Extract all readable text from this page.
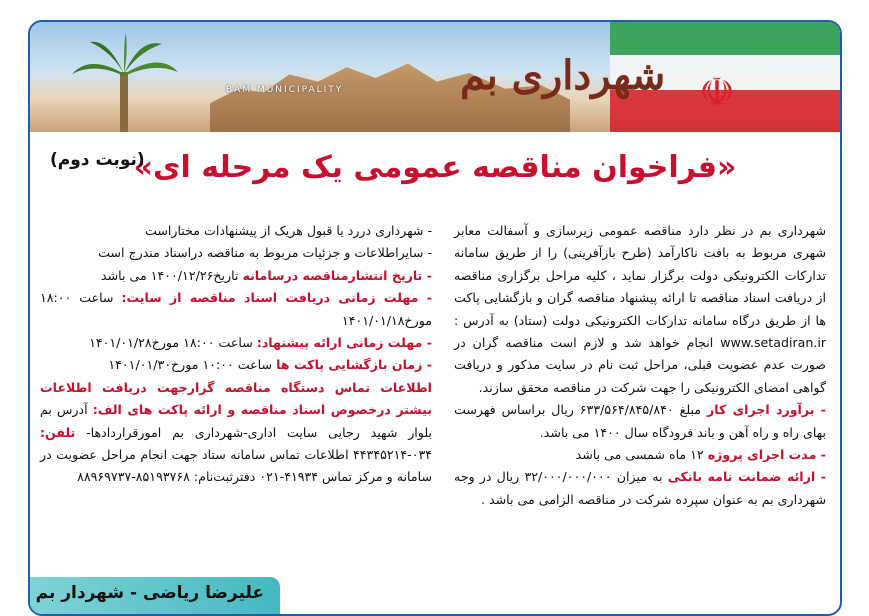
☫
شهرداری بم
BAM MUNICIPALITY
«فراخوان مناقصه عمومی یک مرحله ای»
(نوبت دوم)

شهرداری بم در نظر دارد مناقصه عمومی زیرسازی و آسفالت معابر شهری مربوط به بافت ناکارآمد (طرح بازآفرینی) را از طریق سامانه تدارکات الکترونیکی دولت برگزار نماید ، کلیه مراحل برگزاری مناقصه از دریافت اسناد مناقصه تا ارائه پیشنهاد مناقصه گران و بازگشایی پاکت ها از طریق درگاه سامانه تدارکات الکترونیکی دولت (ستاد) به آدرس : www.setadiran.ir انجام خواهد شد و لازم است مناقصه گران در صورت عدم عضویت قبلی، مراحل ثبت نام در سایت مذکور و دریافت گواهی امضای الکترونیکی را جهت شرکت در مناقصه محقق سازند.

- برآورد اجرای کار مبلغ ۶۳۳/۵۶۴/۸۴۵/۸۴۰ ریال براساس فهرست بهای راه و راه آهن و باند فرودگاه سال ۱۴۰۰ می باشد.

- مدت اجرای پروژه ۱۲ ماه شمسی می باشد

- ارائه ضمانت نامه بانکی به میزان ۳۲/۰۰۰/۰۰۰/۰۰۰ ریال در وجه شهرداری بم به عنوان سپرده شرکت در مناقصه الزامی می باشد .

- شهرداری دررد یا قبول هریک از پیشنهادات مختاراست

- سایراطلاعات و جزئیات مربوط به مناقصه دراسناد مندرج است

- تاریخ انتشارمناقصه درسامانه تاریخ۱۴۰۰/۱۲/۲۶ می باشد

- مهلت زمانی دریافت اسناد مناقصه از سایت: ساعت ۱۸:۰۰ مورخ۱۴۰۱/۰۱/۱۸

- مهلت زمانی ارائه پیشنهاد: ساعت ۱۸:۰۰ مورخ۱۴۰۱/۰۱/۲۸

- زمان بازگشایی پاکت ها ساعت ۱۰:۰۰ مورخ۱۴۰۱/۰۱/۳۰

اطلاعات تماس دستگاه مناقصه گزارجهت دریافت اطلاعات بیشتر درخصوص اسناد مناقصه و ارائه پاکت های الف: آدرس بم بلوار شهید رجایی سایت اداری-شهرداری بم امورقراردادها- تلفن: ۰۳۴-۴۴۳۴۵۲۱۴ اطلاعات تماس سامانه ستاد جهت انجام مراحل عضویت در سامانه و مرکز تماس ۴۱۹۳۴-۰۲۱ دفترثبت‌نام: ۸۵۱۹۳۷۶۸-۸۸۹۶۹۷۳۷

علیرضا ریاضی - شهردار بم
